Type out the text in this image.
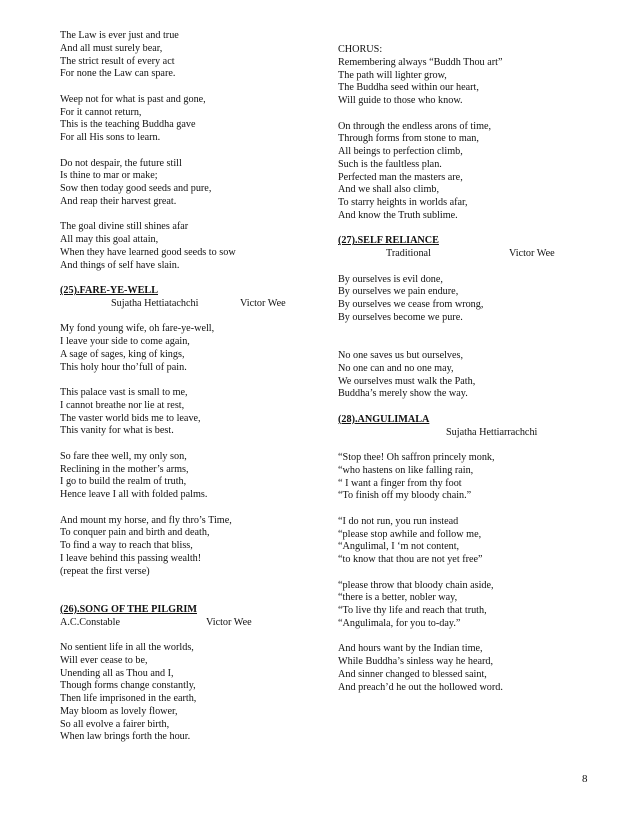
The Law is ever just and true
And all must surely bear,
The strict result of every act
For none the Law can spare.
Weep not for what is past and gone,
For it cannot return,
This is the teaching Buddha gave
For all His sons to learn.
Do not despair, the future still
Is thine to mar or make;
Sow then today good seeds and pure,
And reap their harvest great.
The goal divine still shines afar
All may this goal attain,
When they have learned good seeds to sow
And things of self have slain.
(25).FARE-YE-WELL
Sujatha Hettiatachchi	Victor Wee
My fond young wife, oh fare-ye-well,
I leave your side to come again,
A sage of sages, king of kings,
This holy hour tho’full of pain.
This palace vast is small to me,
I cannot breathe nor lie at rest,
The vaster world bids me to leave,
This vanity for what is best.
So fare thee well, my only son,
Reclining in the mother’s arms,
I go to build the realm of truth,
Hence leave I all with folded palms.
And mount my horse, and fly thro’s Time,
To conquer pain and birth and death,
To find a way to reach that bliss,
I leave behind this passing wealth!
(repeat the first verse)
(26).SONG OF THE PILGRIM
A.C.Constable	Victor Wee
No sentient life in all the worlds,
Will ever cease to be,
Unending all as Thou and I,
Though forms change constantly,
Then life imprisoned in the earth,
May bloom as lovely flower,
So all evolve a fairer birth,
When law brings forth the hour.
CHORUS:
Remembering always “Buddh Thou art”
The path will lighter grow,
The Buddha seed within our heart,
Will guide to those who know.
On through the endless arons of time,
Through forms from stone to man,
All beings to perfection climb,
Such is the faultless plan.
Perfected man the masters are,
And we shall also climb,
To starry heights in worlds afar,
And know the Truth sublime.
(27).SELF RELIANCE
Traditional	Victor Wee
By ourselves is evil done,
By ourselves we pain endure,
By ourselves we cease from wrong,
By ourselves become we pure.
No one saves us but ourselves,
No one can and no one may,
We ourselves must walk the Path,
Buddha’s merely show the way.
(28).ANGULIMALA
Sujatha Hettiarrachchi
“Stop thee! Oh saffron princely monk,
“who hastens on like falling rain,
“ I want a finger from thy foot
“To finish off my bloody chain.”
“I do not run, you run instead
“please stop awhile and follow me,
“Angulimal, I ‘m not content,
“to know that thou are not yet free”
“please throw that bloody chain aside,
“there is a better, nobler way,
“To live thy life and reach that truth,
“Angulimala, for you to-day.”
And hours want by the Indian time,
While Buddha’s sinless way he heard,
And sinner changed to blessed saint,
And preach’d he out the hollowed word.
8
